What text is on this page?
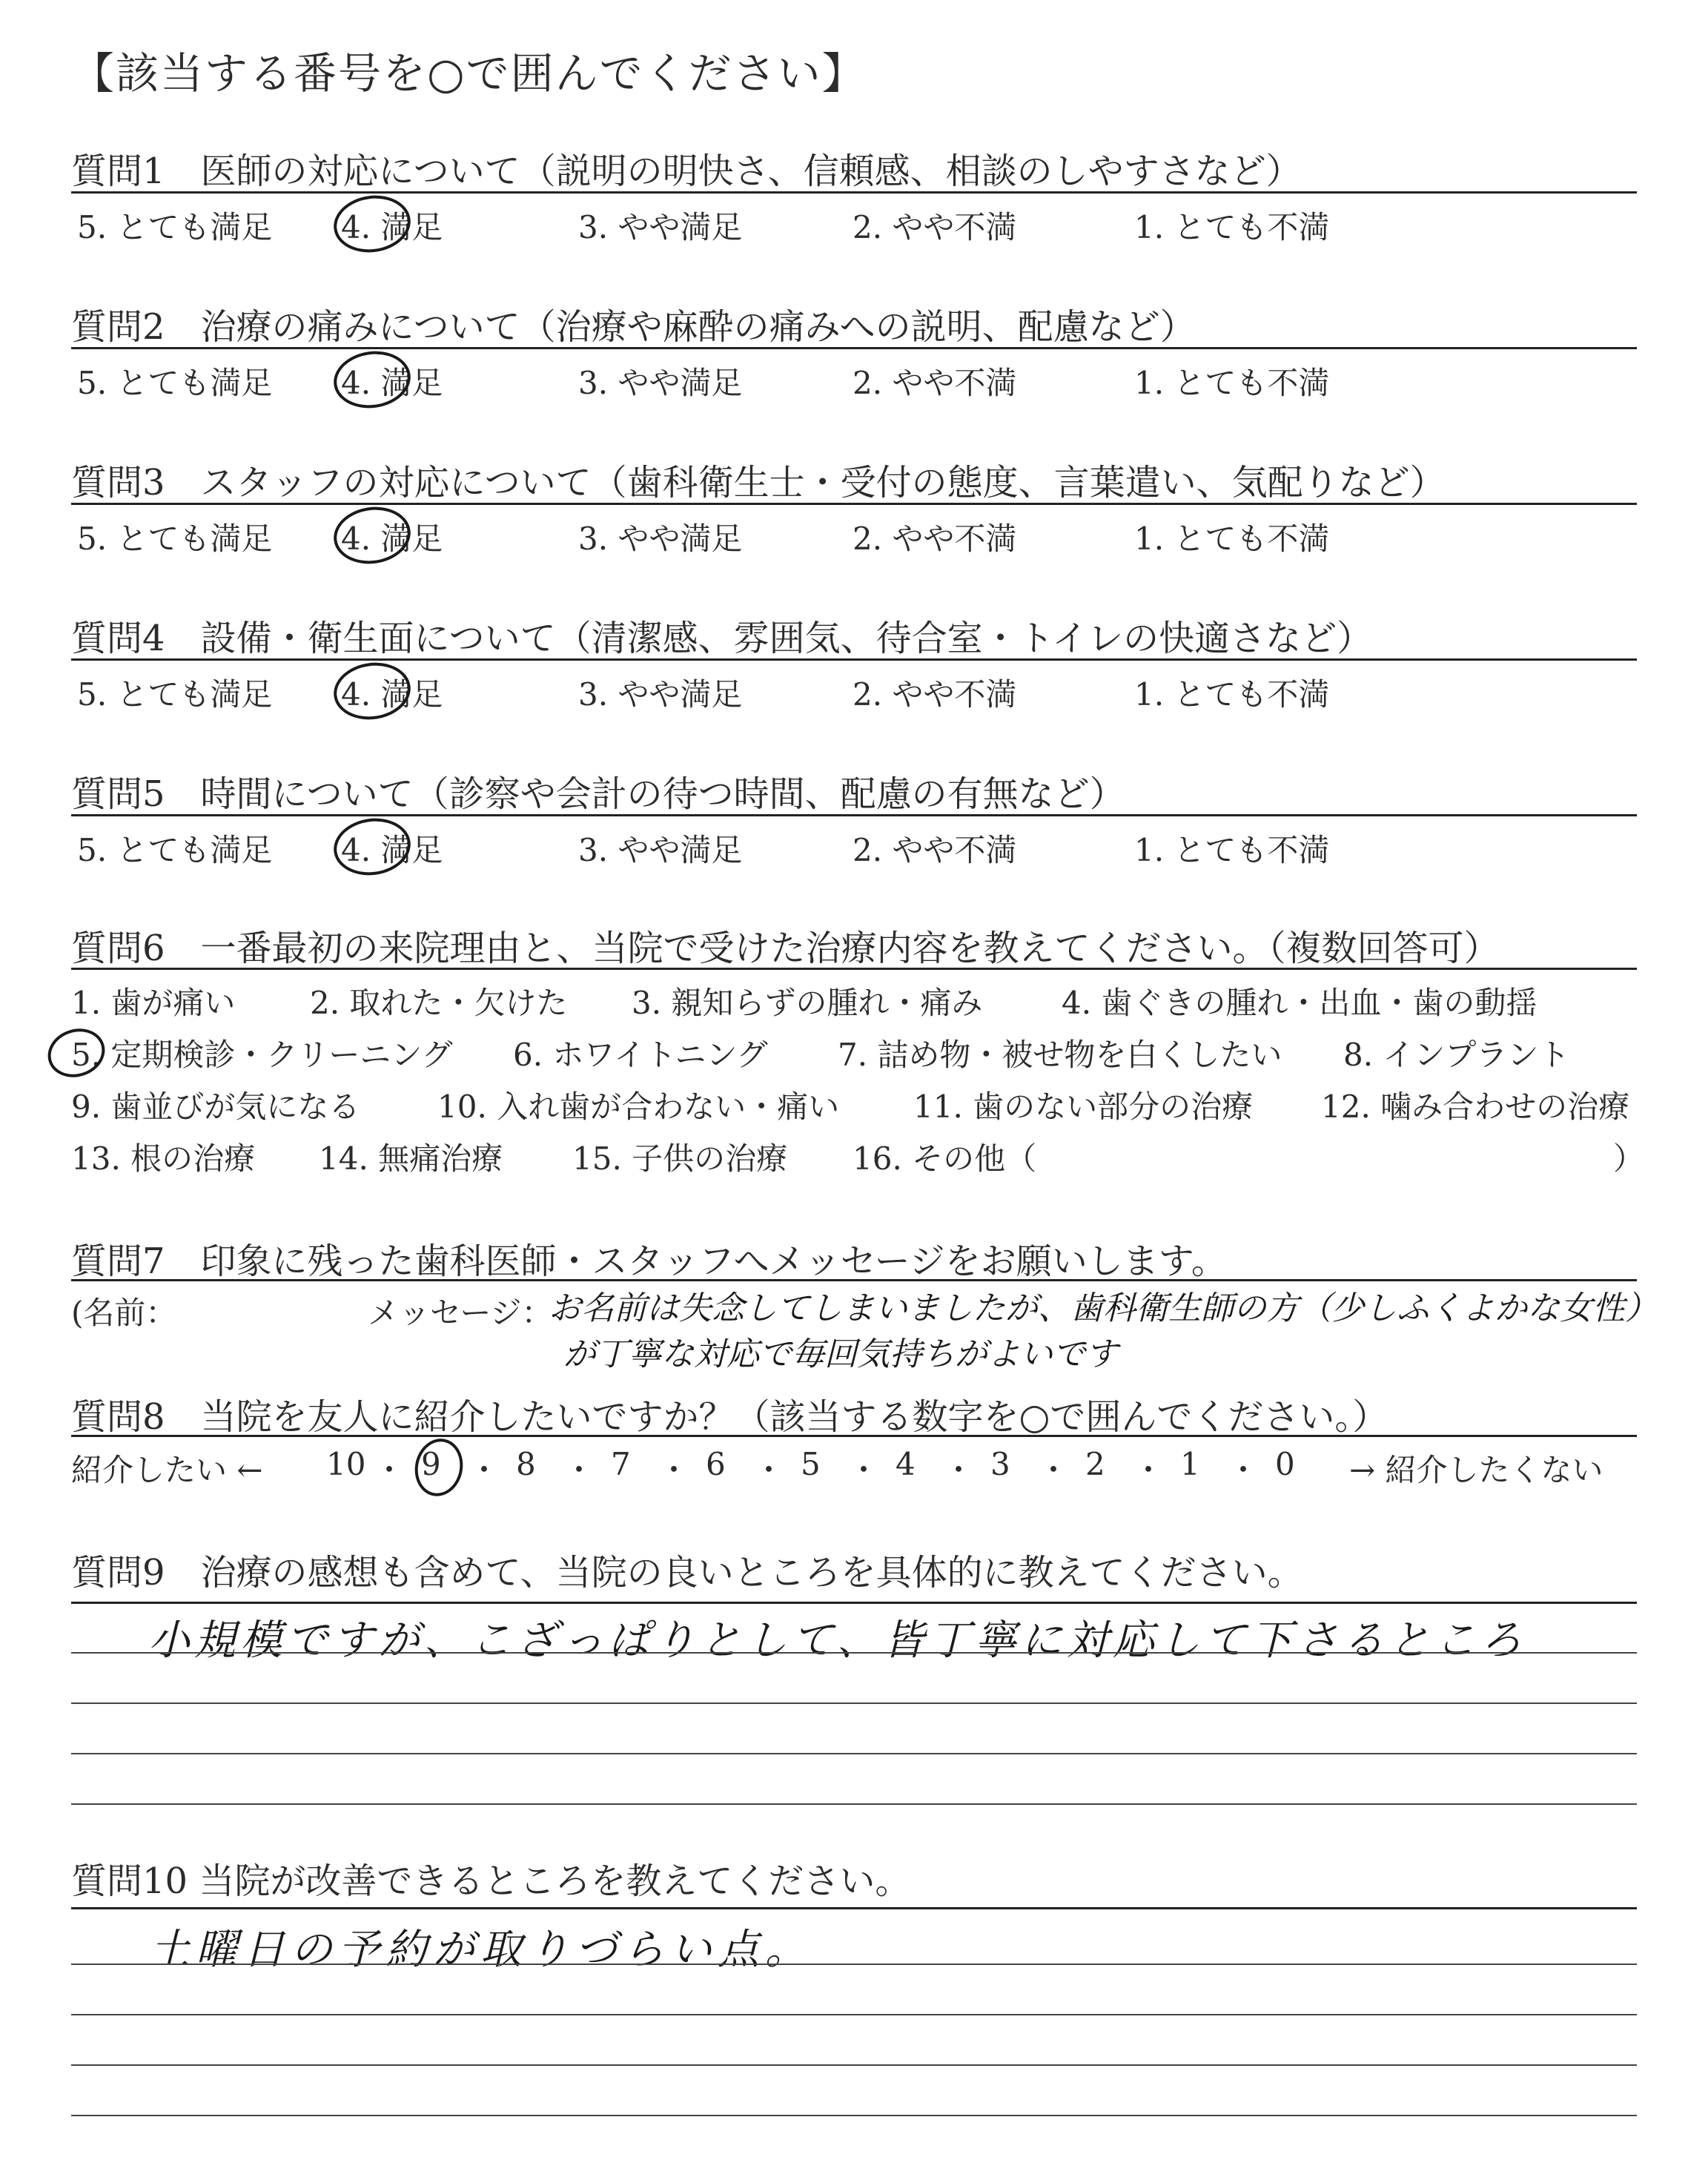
【該当する番号を○で囲んでください】
質問1　医師の対応について（説明の明快さ、信頼感、相談のしやすさなど）
5. とても満足 4. 満足	3. やや満足	2. やや不満	1. とても不満
質問2　治療の痛みについて（治療や麻酔の痛みへの説明、配慮など）
5. とても満足 4. 満足	3. やや満足	2. やや不満	1. とても不満
質問3　スタッフの対応について（歯科衛生士・受付の態度、言葉遣い、気配りなど）
5. とても満足 4. 満足	3. やや満足	2. やや不満	1. とても不満
質問4　設備・衛生面について（清潔感、雰囲気、待合室・トイレの快適さなど）
5. とても満足 4. 満足	3. やや満足	2. やや不満	1. とても不満
質問5　時間について（診察や会計の待つ時間、配慮の有無など）
5. とても満足 4. 満足	3. やや満足	2. やや不満	1. とても不満
質問6　一番最初の来院理由と、当院で受けた治療内容を教えてください。（複数回答可）
1. 歯が痛い 2. 取れた・欠けた 3. 親知らずの腫れ・痛み	4. 歯ぐきの腫れ・出血・歯の動揺
5. 定期検診・クリーニング 6. ホワイトニング 7. 詰め物・被せ物を白くしたい 8. インプラント
9. 歯並びが気になる 10. 入れ歯が合わない・痛い 11. 歯のない部分の治療 12. 噛み合わせの治療
13. 根の治療 14. 無痛治療 15. 子供の治療 16. その他（	）
質問7　印象に残った歯科医師・スタッフへメッセージをお願いします。
(名前：	メッセージ：
お名前は失念してしまいましたが、歯科衛生師の方（少しふくよかな女性）
が丁寧な対応で毎回気持ちがよいです
質問8　当院を友人に紹介したいですか？（該当する数字を○で囲んでください。）
紹介したい ← 10 ・ 9 ・ 8 ・ 7 ・ 6 ・ 5 ・ 4 ・ 3 ・ 2 ・ 1 ・ 0 → 紹介したくない
質問9　治療の感想も含めて、当院の良いところを具体的に教えてください。
小規模ですが、こざっぱりとして、皆丁寧に対応して下さるところ
質問10 当院が改善できるところを教えてください。
土曜日の予約が取りづらい点。
